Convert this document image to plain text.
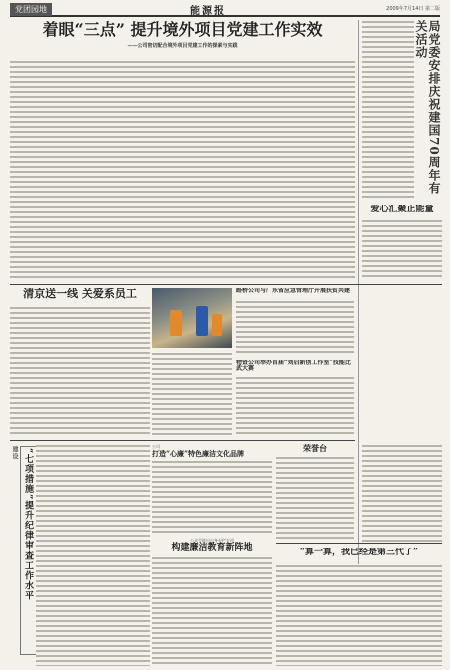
党团园地	能源报	2009年7月14日 第二版
着眼“三点” 提升境外项目党建工作实效
——公司密切配合境外项目党建工作的探索与实践	局党委安排庆祝建国70周年有关活动
爱心汇聚正能量
清京送一线 关爱系员工	路桥公司与广东省应急管理厅开展扶贫共建
物资公司举办首届“刘启新创工作室”技能比武大赛
建设 “七项措施”提升纪律审查工作水平
公司
打造“心廉”特色廉洁文化品牌
公众号推出自身专栏专项
构建廉洁教育新阵地
荣誉台
“算一算，我已经是第三代了”
